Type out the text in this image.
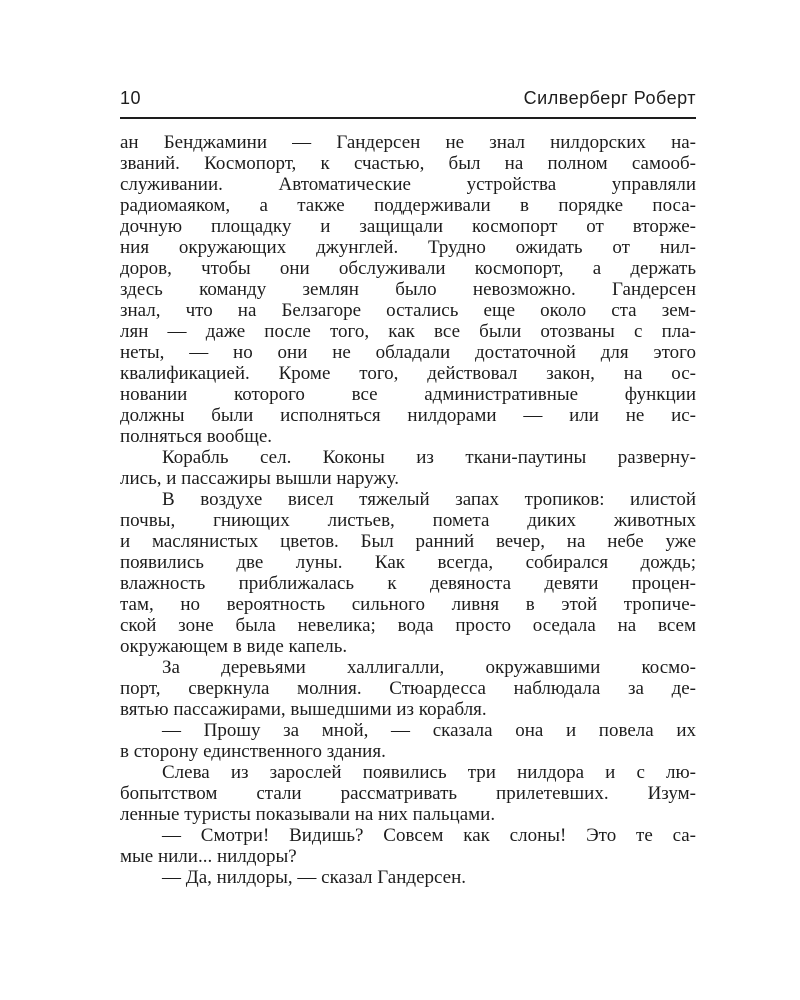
10	Силверберг Роберт
ан Бенджамини — Гандерсен не знал нилдорских на-
званий. Космопорт, к счастью, был на полном самооб-
служивании. Автоматические устройства управляли
радиомаяком, а также поддерживали в порядке поса-
дочную площадку и защищали космопорт от вторже-
ния окружающих джунглей. Трудно ожидать от нил-
доров, чтобы они обслуживали космопорт, а держать
здесь команду землян было невозможно. Гандерсен
знал, что на Белзагоре остались еще около ста зем-
лян — даже после того, как все были отозваны с пла-
неты, — но они не обладали достаточной для этого
квалификацией. Кроме того, действовал закон, на ос-
новании которого все административные функции
должны были исполняться нилдорами — или не ис-
полняться вообще.
Корабль сел. Коконы из ткани-паутины разверну-
лись, и пассажиры вышли наружу.
В воздухе висел тяжелый запах тропиков: илистой
почвы, гниющих листьев, помета диких животных
и маслянистых цветов. Был ранний вечер, на небе уже
появились две луны. Как всегда, собирался дождь;
влажность приближалась к девяноста девяти процен-
там, но вероятность сильного ливня в этой тропиче-
ской зоне была невелика; вода просто оседала на всем
окружающем в виде капель.
За деревьями халлигалли, окружавшими космо-
порт, сверкнула молния. Стюардесса наблюдала за де-
вятью пассажирами, вышедшими из корабля.
— Прошу за мной, — сказала она и повела их
в сторону единственного здания.
Слева из зарослей появились три нилдора и с лю-
бопытством стали рассматривать прилетевших. Изум-
ленные туристы показывали на них пальцами.
— Смотри! Видишь? Совсем как слоны! Это те са-
мые нили... нилдоры?
— Да, нилдоры, — сказал Гандерсен.
